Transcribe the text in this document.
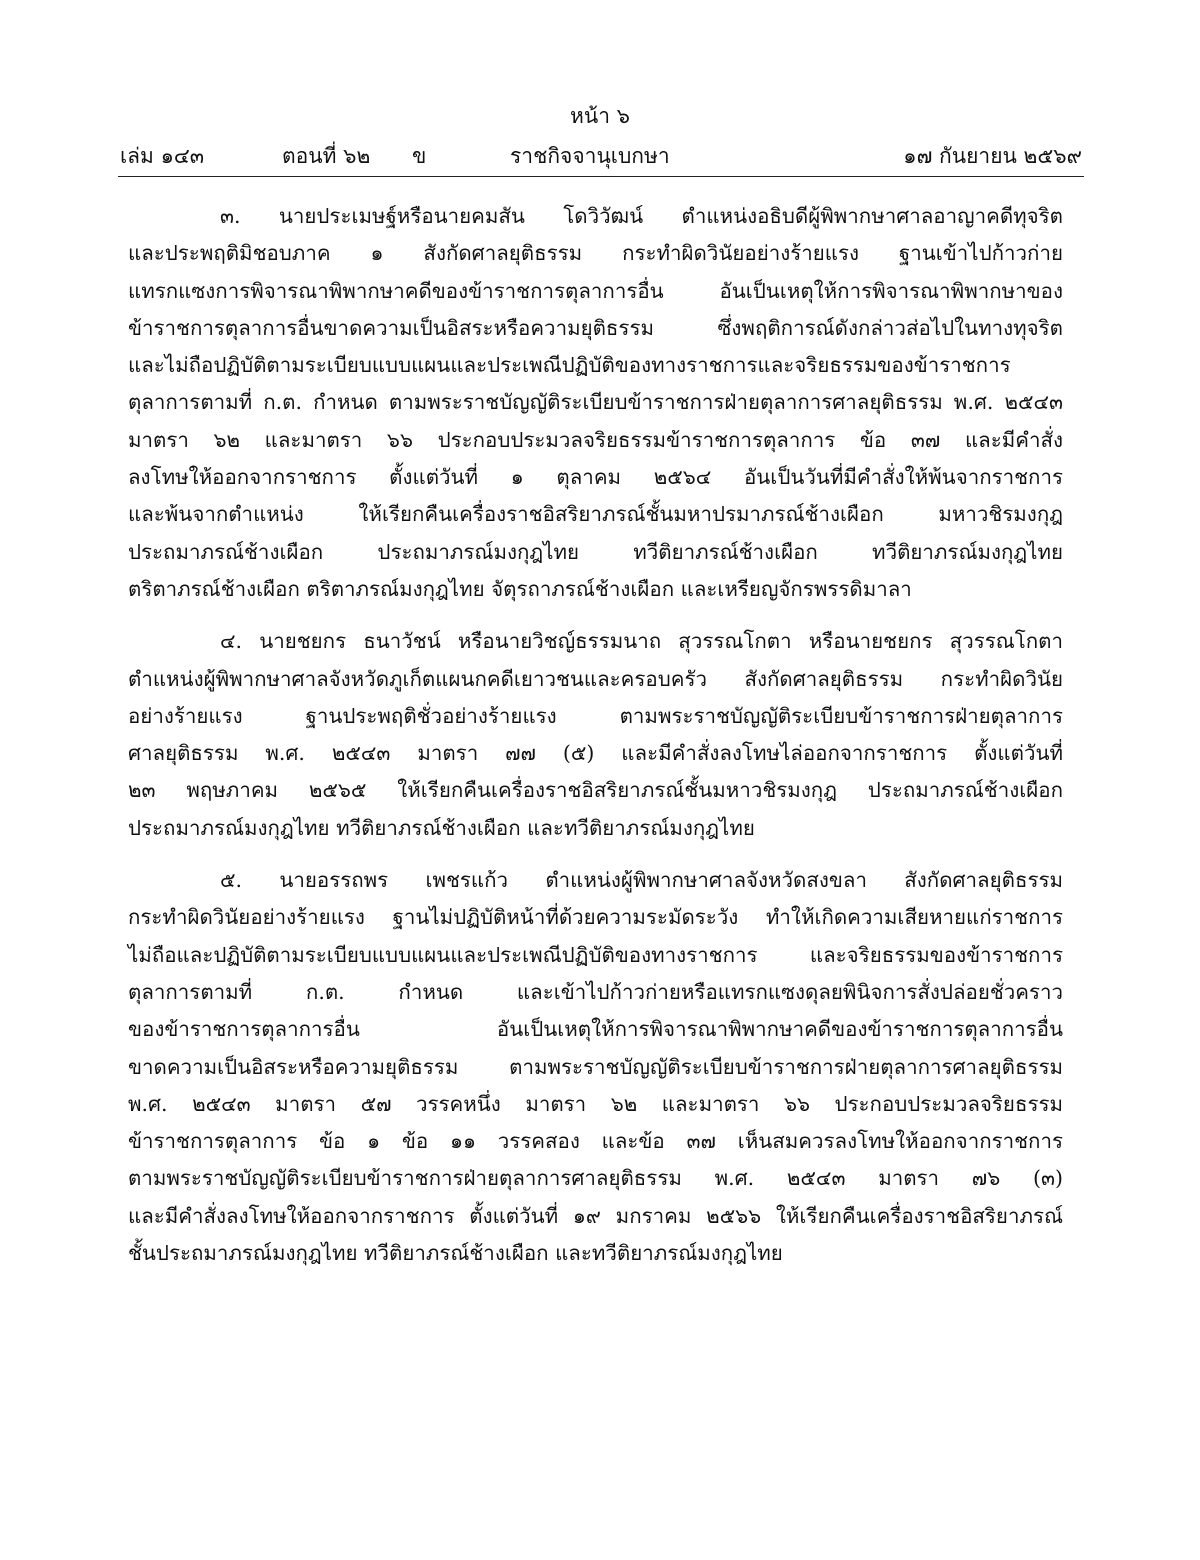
หน้า ๖
เล่ม ๑๔๓	ตอนที่ ๖๒ ข	ราชกิจจานุเบกษา	๑๗ กันยายน ๒๕๖๙
๓. นายประเมษฐ์หรือนายคมสัน โดวิวัฒน์ ตำแหน่งอธิบดีผู้พิพากษาศาลอาญาคดีทุจริต
และประพฤติมิชอบภาค ๑ สังกัดศาลยุติธรรม กระทำผิดวินัยอย่างร้ายแรง ฐานเข้าไปก้าวก่าย
แทรกแซงการพิจารณาพิพากษาคดีของข้าราชการตุลาการอื่น อันเป็นเหตุให้การพิจารณาพิพากษาของ
ข้าราชการตุลาการอื่นขาดความเป็นอิสระหรือความยุติธรรม ซึ่งพฤติการณ์ดังกล่าวส่อไปในทางทุจริต
และไม่ถือปฏิบัติตามระเบียบแบบแผนและประเพณีปฏิบัติของทางราชการและจริยธรรมของข้าราชการ
ตุลาการตามที่ ก.ต. กำหนด ตามพระราชบัญญัติระเบียบข้าราชการฝ่ายตุลาการศาลยุติธรรม พ.ศ. ๒๕๔๓
มาตรา ๖๒ และมาตรา ๖๖ ประกอบประมวลจริยธรรมข้าราชการตุลาการ ข้อ ๓๗ และมีคำสั่ง
ลงโทษให้ออกจากราชการ ตั้งแต่วันที่ ๑ ตุลาคม ๒๕๖๔ อันเป็นวันที่มีคำสั่งให้พ้นจากราชการ
และพ้นจากตำแหน่ง ให้เรียกคืนเครื่องราชอิสริยาภรณ์ชั้นมหาปรมาภรณ์ช้างเผือก มหาวชิรมงกุฎ
ประถมาภรณ์ช้างเผือก ประถมาภรณ์มงกุฎไทย ทวีติยาภรณ์ช้างเผือก ทวีติยาภรณ์มงกุฎไทย
ตริตาภรณ์ช้างเผือก ตริตาภรณ์มงกุฎไทย จัตุรถาภรณ์ช้างเผือก และเหรียญจักรพรรดิมาลา
๔. นายชยกร ธนาวัชน์ หรือนายวิชญ์ธรรมนาถ สุวรรณโกตา หรือนายชยกร สุวรรณโกตา
ตำแหน่งผู้พิพากษาศาลจังหวัดภูเก็ตแผนกคดีเยาวชนและครอบครัว สังกัดศาลยุติธรรม กระทำผิดวินัย
อย่างร้ายแรง ฐานประพฤติชั่วอย่างร้ายแรง ตามพระราชบัญญัติระเบียบข้าราชการฝ่ายตุลาการ
ศาลยุติธรรม พ.ศ. ๒๕๔๓ มาตรา ๗๗ (๕) และมีคำสั่งลงโทษไล่ออกจากราชการ ตั้งแต่วันที่
๒๓ พฤษภาคม ๒๕๖๕ ให้เรียกคืนเครื่องราชอิสริยาภรณ์ชั้นมหาวชิรมงกุฎ ประถมาภรณ์ช้างเผือก
ประถมาภรณ์มงกุฎไทย ทวีติยาภรณ์ช้างเผือก และทวีติยาภรณ์มงกุฎไทย
๕. นายอรรถพร เพชรแก้ว ตำแหน่งผู้พิพากษาศาลจังหวัดสงขลา สังกัดศาลยุติธรรม
กระทำผิดวินัยอย่างร้ายแรง ฐานไม่ปฏิบัติหน้าที่ด้วยความระมัดระวัง ทำให้เกิดความเสียหายแก่ราชการ
ไม่ถือและปฏิบัติตามระเบียบแบบแผนและประเพณีปฏิบัติของทางราชการ และจริยธรรมของข้าราชการ
ตุลาการตามที่ ก.ต. กำหนด และเข้าไปก้าวก่ายหรือแทรกแซงดุลยพินิจการสั่งปล่อยชั่วคราว
ของข้าราชการตุลาการอื่น อันเป็นเหตุให้การพิจารณาพิพากษาคดีของข้าราชการตุลาการอื่น
ขาดความเป็นอิสระหรือความยุติธรรม ตามพระราชบัญญัติระเบียบข้าราชการฝ่ายตุลาการศาลยุติธรรม
พ.ศ. ๒๕๔๓ มาตรา ๕๗ วรรคหนึ่ง มาตรา ๖๒ และมาตรา ๖๖ ประกอบประมวลจริยธรรม
ข้าราชการตุลาการ ข้อ ๑ ข้อ ๑๑ วรรคสอง และข้อ ๓๗ เห็นสมควรลงโทษให้ออกจากราชการ
ตามพระราชบัญญัติระเบียบข้าราชการฝ่ายตุลาการศาลยุติธรรม พ.ศ. ๒๕๔๓ มาตรา ๗๖ (๓)
และมีคำสั่งลงโทษให้ออกจากราชการ ตั้งแต่วันที่ ๑๙ มกราคม ๒๕๖๖ ให้เรียกคืนเครื่องราชอิสริยาภรณ์
ชั้นประถมาภรณ์มงกุฎไทย ทวีติยาภรณ์ช้างเผือก และทวีติยาภรณ์มงกุฎไทย
